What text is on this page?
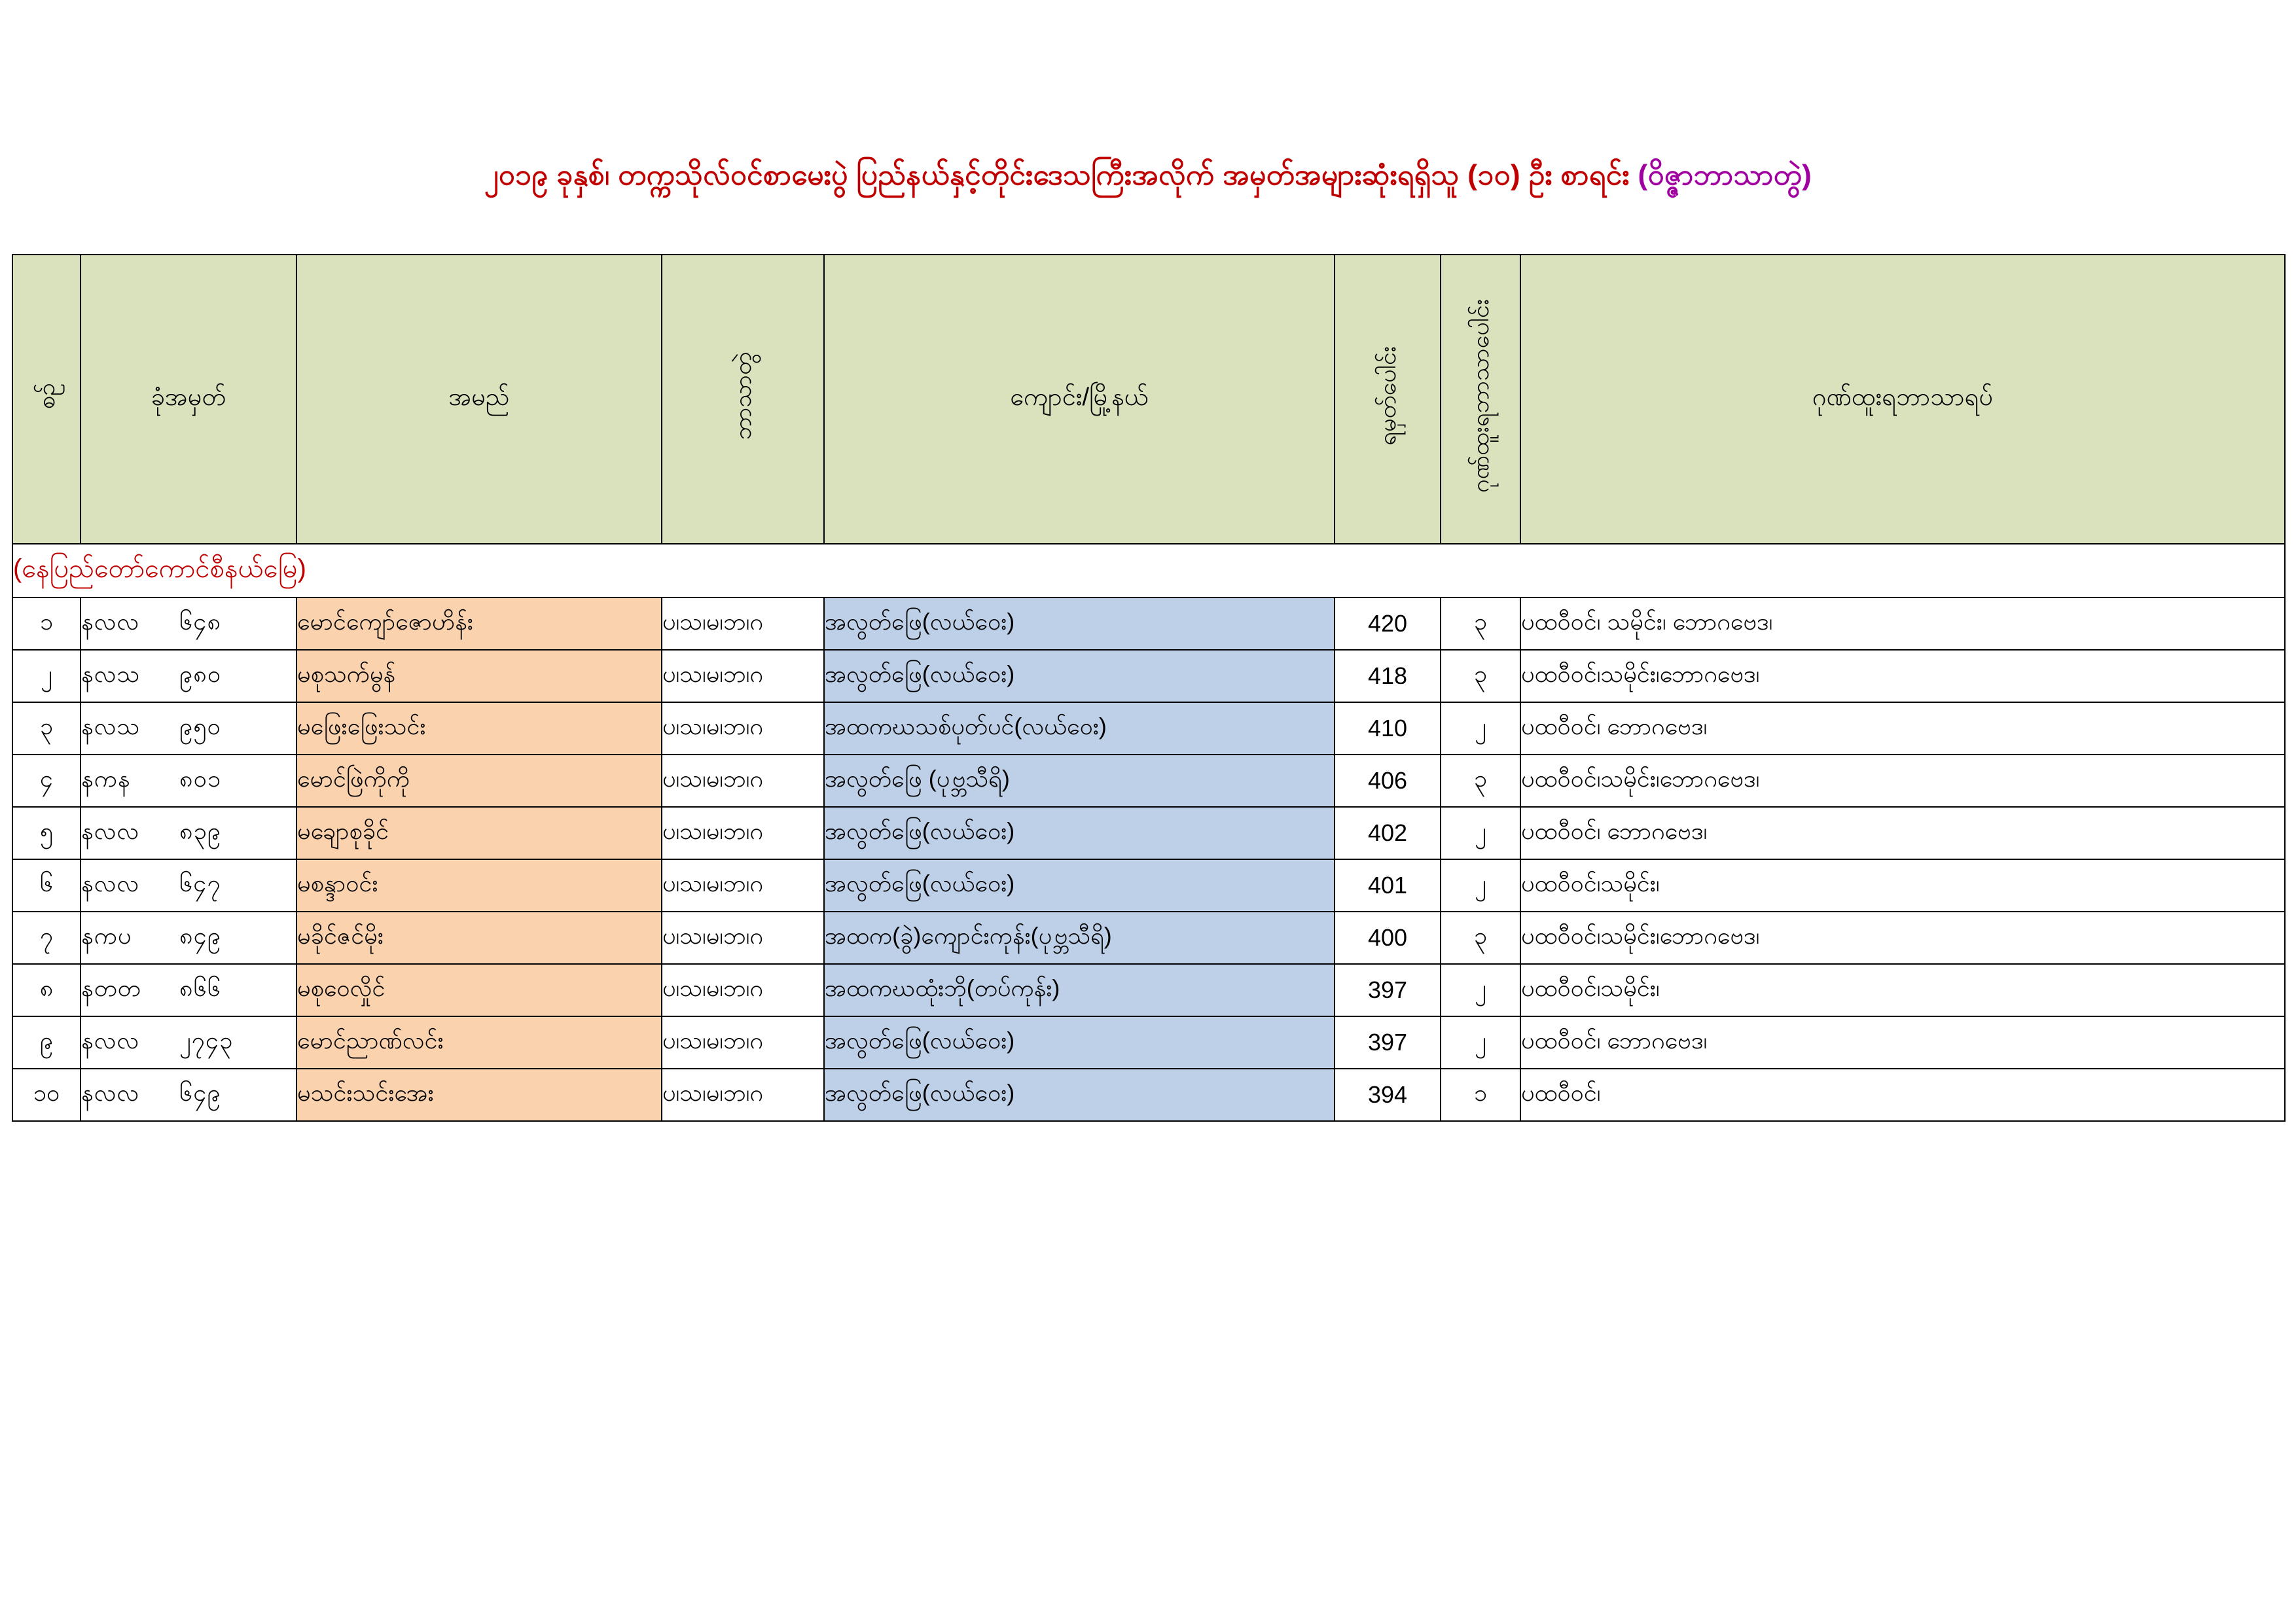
၂၀၁၉ ခုနှစ်၊ တက္ကသိုလ်ဝင်စာမေးပွဲ ပြည်နယ်နှင့်တိုင်းဒေသကြီးအလိုက် အမှတ်အများဆုံးရရှိသူ (၁၀) ဦး စာရင်း (ဝိဇ္ဇာဘာသာတွဲ)
စဉ်	ခုံအမှတ်	အမည်	ဘာသာတွဲ	ကျောင်း/မြို့နယ်	ရမှတ်ပေါင်း	ဂုဏ်ထူးရဘာသာပေါင်း	ဂုဏ်ထူးရဘာသာရပ်
(နေပြည်တော်ကောင်စီနယ်မြေ)							
၁	နလလ ၆၄၈	မောင်ကျော်ဇောဟိန်း	ပ၊သ၊မ၊ဘ၊ဂ	အလွတ်ဖြေ(လယ်ဝေး)	420	၃	ပထဝီဝင်၊ သမိုင်း၊ ဘောဂဗေဒ၊
၂	နလသ ၉၈၀	မစုသက်မွန်	ပ၊သ၊မ၊ဘ၊ဂ	အလွတ်ဖြေ(လယ်ဝေး)	418	၃	ပထဝီဝင်၊သမိုင်း၊ဘောဂဗေဒ၊
၃	နလသ ၉၅၀	မဖြေးဖြေးသင်း	ပ၊သ၊မ၊ဘ၊ဂ	အထကဃသစ်ပုတ်ပင်(လယ်ဝေး)	410	၂	ပထဝီဝင်၊ ဘောဂဗေဒ၊
၄	နကန ၈၀၁	မောင်ဖြဲကိုကို	ပ၊သ၊မ၊ဘ၊ဂ	အလွတ်ဖြေ (ပုဗ္ဘသီရိ)	406	၃	ပထဝီဝင်၊သမိုင်း၊ဘောဂဗေဒ၊
၅	နလလ ၈၃၉	မချောစုခိုင်	ပ၊သ၊မ၊ဘ၊ဂ	အလွတ်ဖြေ(လယ်ဝေး)	402	၂	ပထဝီဝင်၊ ဘောဂဗေဒ၊
၆	နလလ ၆၄၇	မစန္ဒာဝင်း	ပ၊သ၊မ၊ဘ၊ဂ	အလွတ်ဖြေ(လယ်ဝေး)	401	၂	ပထဝီဝင်၊သမိုင်း၊
၇	နကပ ၈၄၉	မခိုင်ဇင်မိုး	ပ၊သ၊မ၊ဘ၊ဂ	အထက(ခွဲ)ကျောင်းကုန်း(ပုဗ္ဘသီရိ)	400	၃	ပထဝီဝင်၊သမိုင်း၊ဘောဂဗေဒ၊
၈	နတတ ၈၆၆	မစုဝေလှိုင်	ပ၊သ၊မ၊ဘ၊ဂ	အထကဃထုံးဘို(တပ်ကုန်း)	397	၂	ပထဝီဝင်၊သမိုင်း၊
၉	နလလ ၂၇၄၃	မောင်ညာဏ်လင်း	ပ၊သ၊မ၊ဘ၊ဂ	အလွတ်ဖြေ(လယ်ဝေး)	397	၂	ပထဝီဝင်၊ ဘောဂဗေဒ၊
၁၀	နလလ ၆၄၉	မသင်းသင်းအေး	ပ၊သ၊မ၊ဘ၊ဂ	အလွတ်ဖြေ(လယ်ဝေး)	394	၁	ပထဝီဝင်၊
